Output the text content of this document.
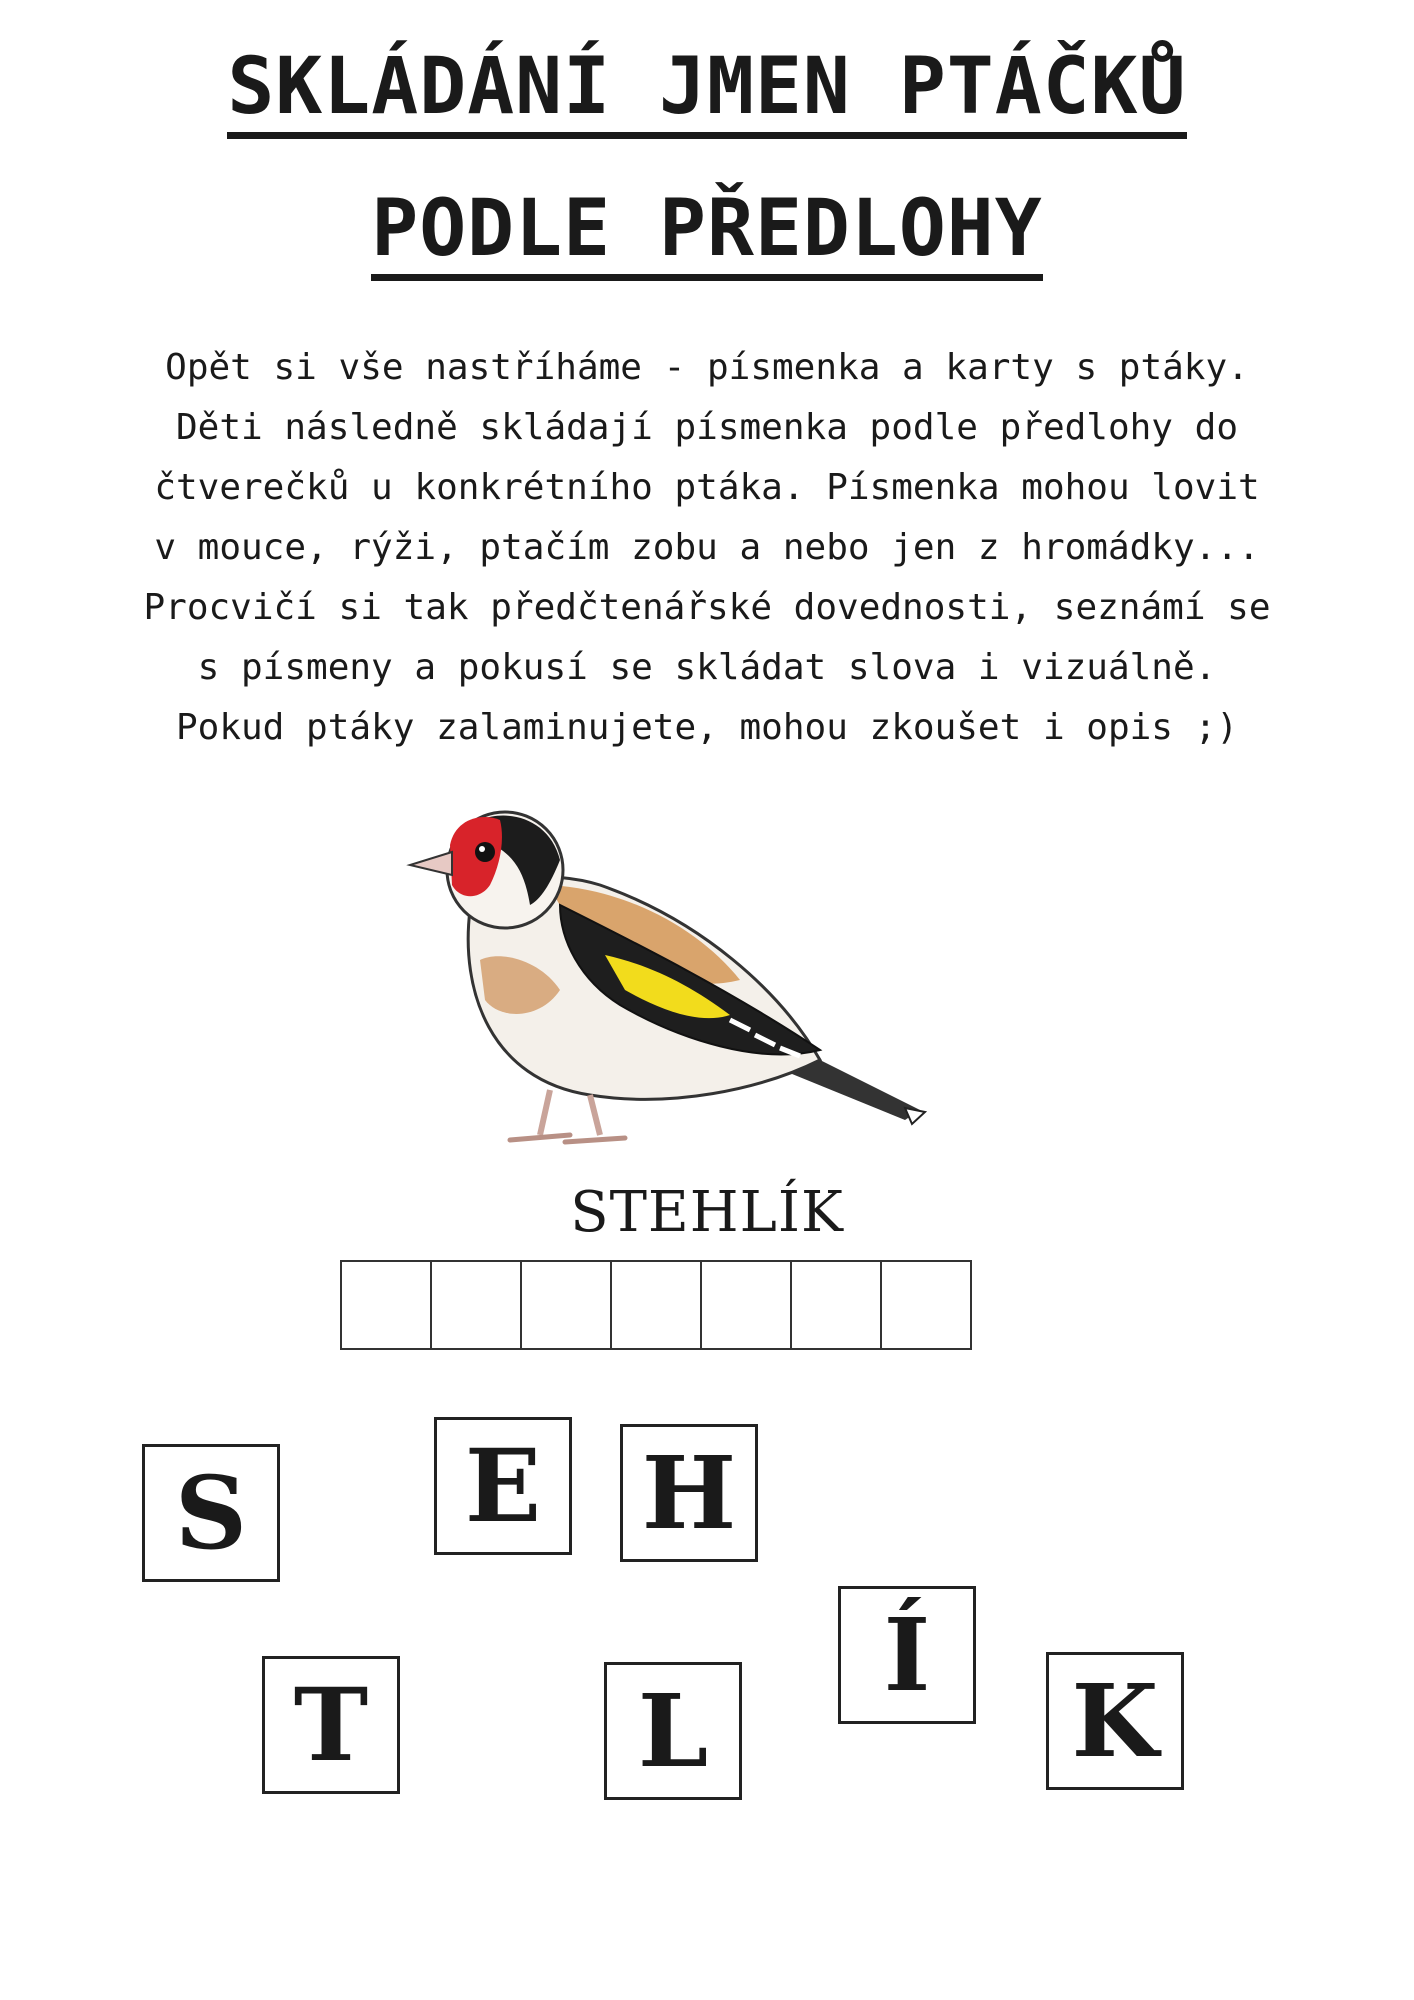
SKLÁDÁNÍ JMEN PTÁČKŮ
PODLE PŘEDLOHY
Opět si vše nastříháme - písmenka a karty s ptáky.
Děti následně skládají písmenka podle předlohy do
čtverečků u konkrétního ptáka. Písmenka mohou lovit
v mouce, rýži, ptačím zobu a nebo jen z hromádky...
Procvičí si tak předčtenářské dovednosti, seznámí se
s písmeny a pokusí se skládat slova i vizuálně.
Pokud ptáky zalaminujete, mohou zkoušet i opis ;)
STEHLÍK
S	E	H
T	L
Í
K
